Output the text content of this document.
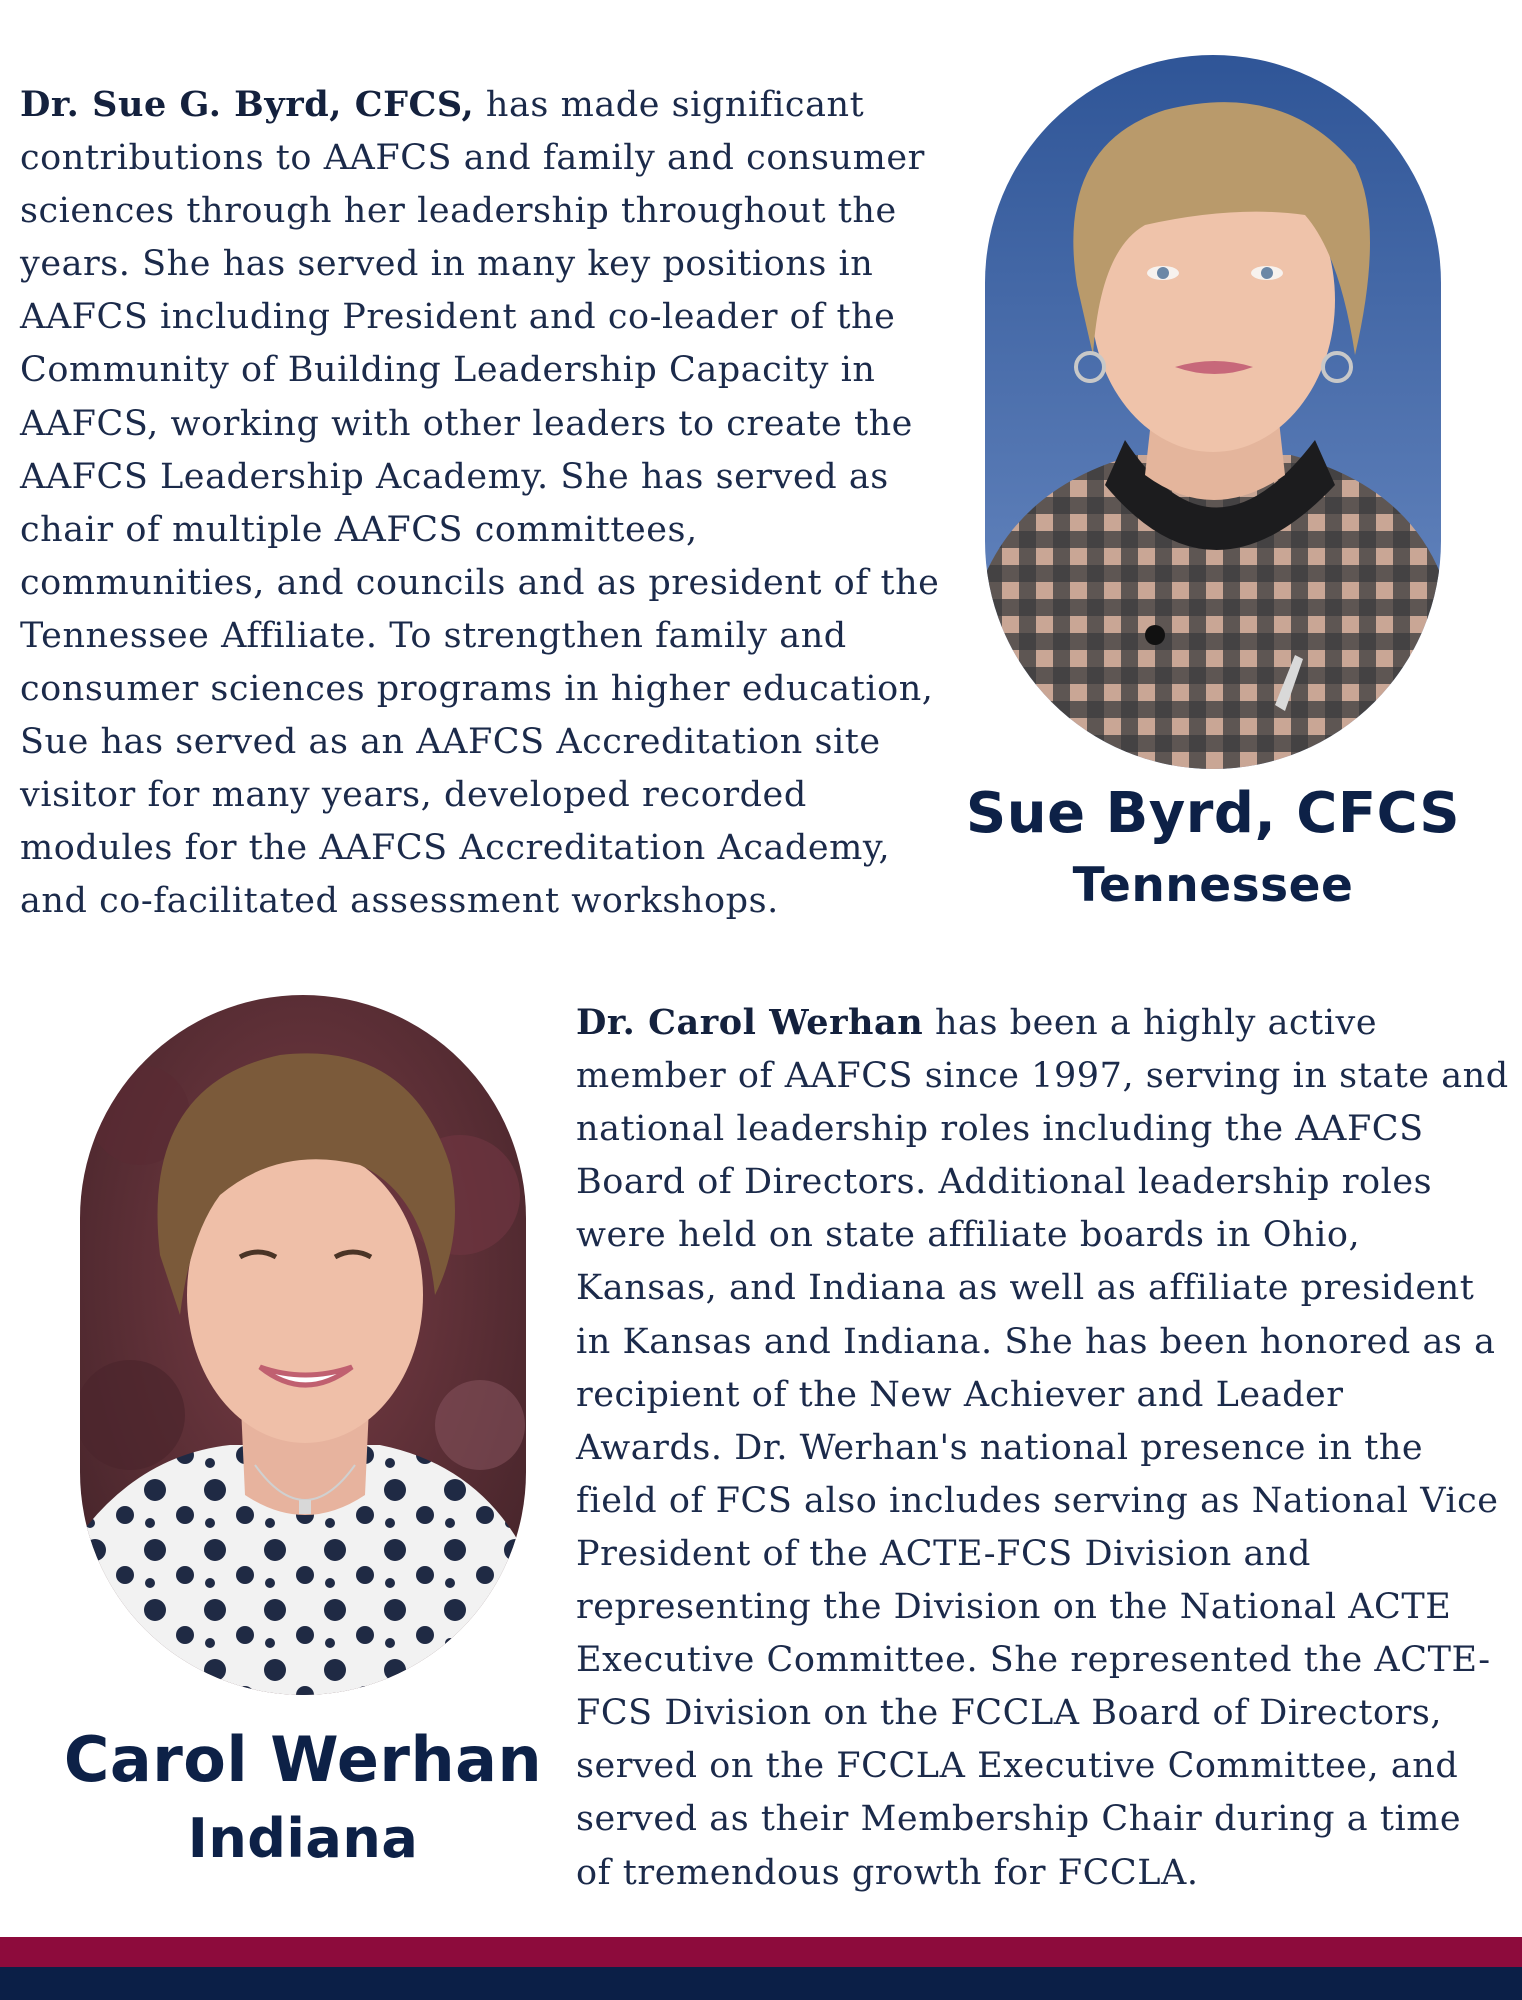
Dr. Sue G. Byrd, CFCS, has made significant
contributions to AAFCS and family and consumer
sciences through her leadership throughout the
years. She has served in many key positions in
AAFCS including President and co-leader of the
Community of Building Leadership Capacity in
AAFCS, working with other leaders to create the
AAFCS Leadership Academy. She has served as
chair of multiple AAFCS committees,
communities, and councils and as president of the
Tennessee Affiliate. To strengthen family and
consumer sciences programs in higher education,
Sue has served as an AAFCS Accreditation site
visitor for many years, developed recorded
modules for the AAFCS Accreditation Academy,
and co-facilitated assessment workshops.
Sue Byrd, CFCS
Tennessee
Carol Werhan
Indiana
Dr. Carol Werhan has been a highly active
member of AAFCS since 1997, serving in state and
national leadership roles including the AAFCS
Board of Directors. Additional leadership roles
were held on state affiliate boards in Ohio,
Kansas, and Indiana as well as affiliate president
in Kansas and Indiana. She has been honored as a
recipient of the New Achiever and Leader
Awards. Dr. Werhan's national presence in the
field of FCS also includes serving as National Vice
President of the ACTE-FCS Division and
representing the Division on the National ACTE
Executive Committee. She represented the ACTE-
FCS Division on the FCCLA Board of Directors,
served on the FCCLA Executive Committee, and
served as their Membership Chair during a time
of tremendous growth for FCCLA.
